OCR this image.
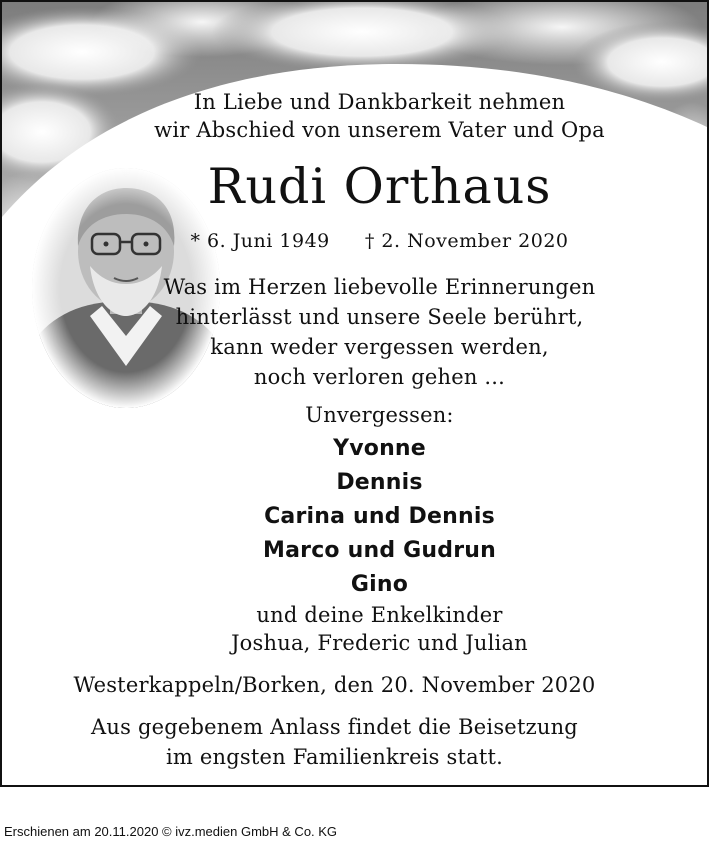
In Liebe und Dankbarkeit nehmen
wir Abschied von unserem Vater und Opa
Rudi Orthaus
* 6. Juni 1949 † 2. November 2020
Was im Herzen liebevolle Erinnerungen
hinterlässt und unsere Seele berührt,
kann weder vergessen werden,
noch verloren gehen ...
Unvergessen:
Yvonne
Dennis
Carina und Dennis
Marco und Gudrun
Gino
und deine Enkelkinder
Joshua, Frederic und Julian
Westerkappeln/Borken, den 20. November 2020
Aus gegebenem Anlass findet die Beisetzung
im engsten Familienkreis statt.
Erschienen am 20.11.2020 © ivz.medien GmbH & Co. KG
